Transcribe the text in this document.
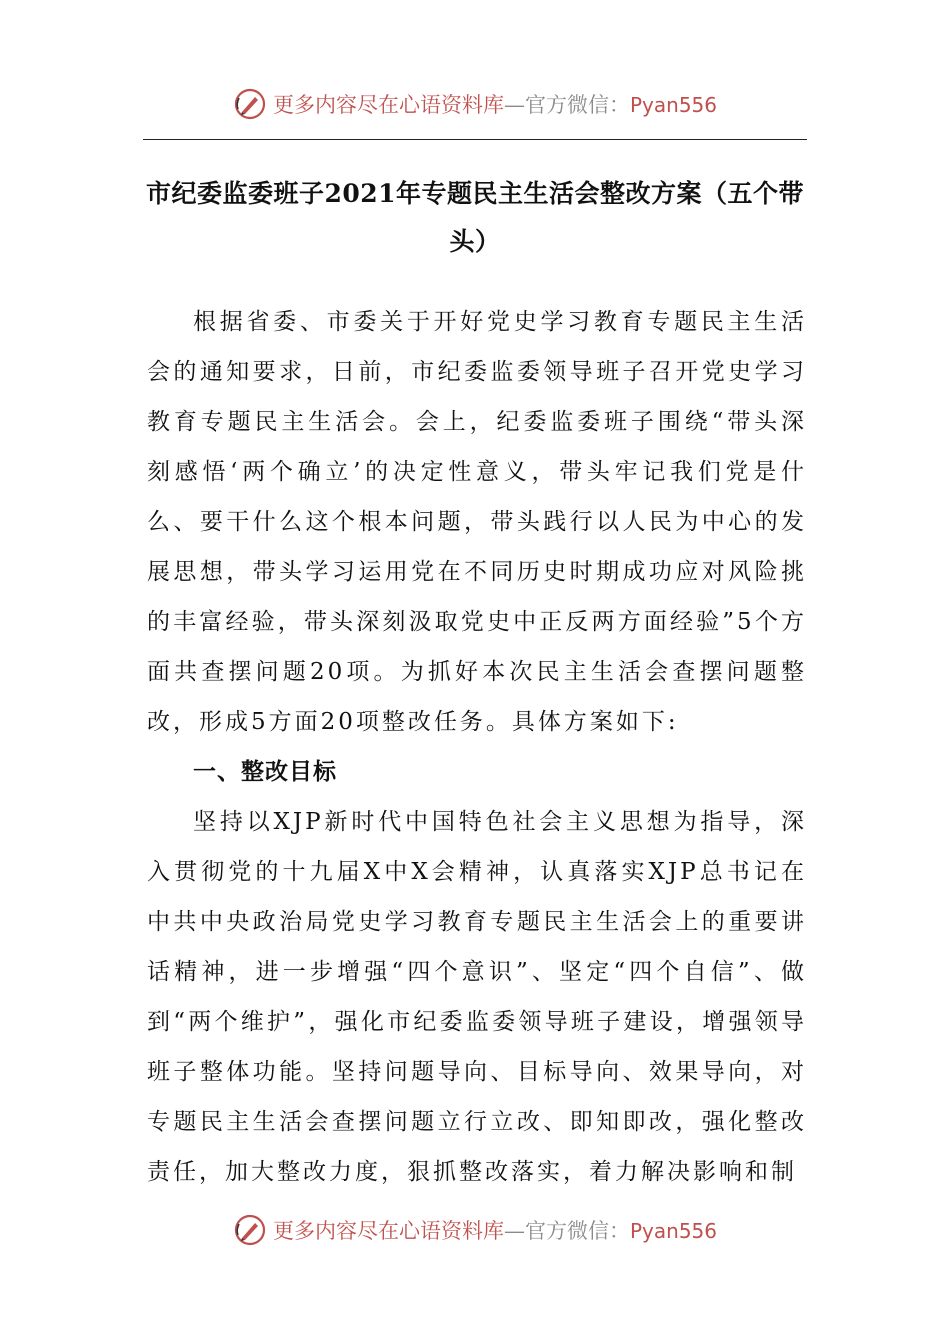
更多内容尽在心语资料库—官方微信：Pyan556
市纪委监委班子2021年专题民主生活会整改方案（五个带头）

根据省委、市委关于开好党史学习教育专题民主生活会的通知要求，日前，市纪委监委领导班子召开党史学习教育专题民主生活会。会上，纪委监委班子围绕“带头深刻感悟‘两个确立’的决定性意义，带头牢记我们党是什么、要干什么这个根本问题，带头践行以人民为中心的发展思想，带头学习运用党在不同历史时期成功应对风险挑的丰富经验，带头深刻汲取党史中正反两方面经验”5个方面共查摆问题20项。为抓好本次民主生活会查摆问题整改，形成5方面20项整改任务。具体方案如下:

一、整改目标

坚持以XJP新时代中国特色社会主义思想为指导，深入贯彻党的十九届X中X会精神，认真落实XJP总书记在中共中央政治局党史学习教育专题民主生活会上的重要讲话精神，进一步增强“四个意识”、坚定“四个自信”、做到“两个维护”，强化市纪委监委领导班子建设，增强领导班子整体功能。坚持问题导向、目标导向、效果导向，对专题民主生活会查摆问题立行立改、即知即改，强化整改责任，加大整改力度，狠抓整改落实，着力解决影响和制

更多内容尽在心语资料库—官方微信：Pyan556
